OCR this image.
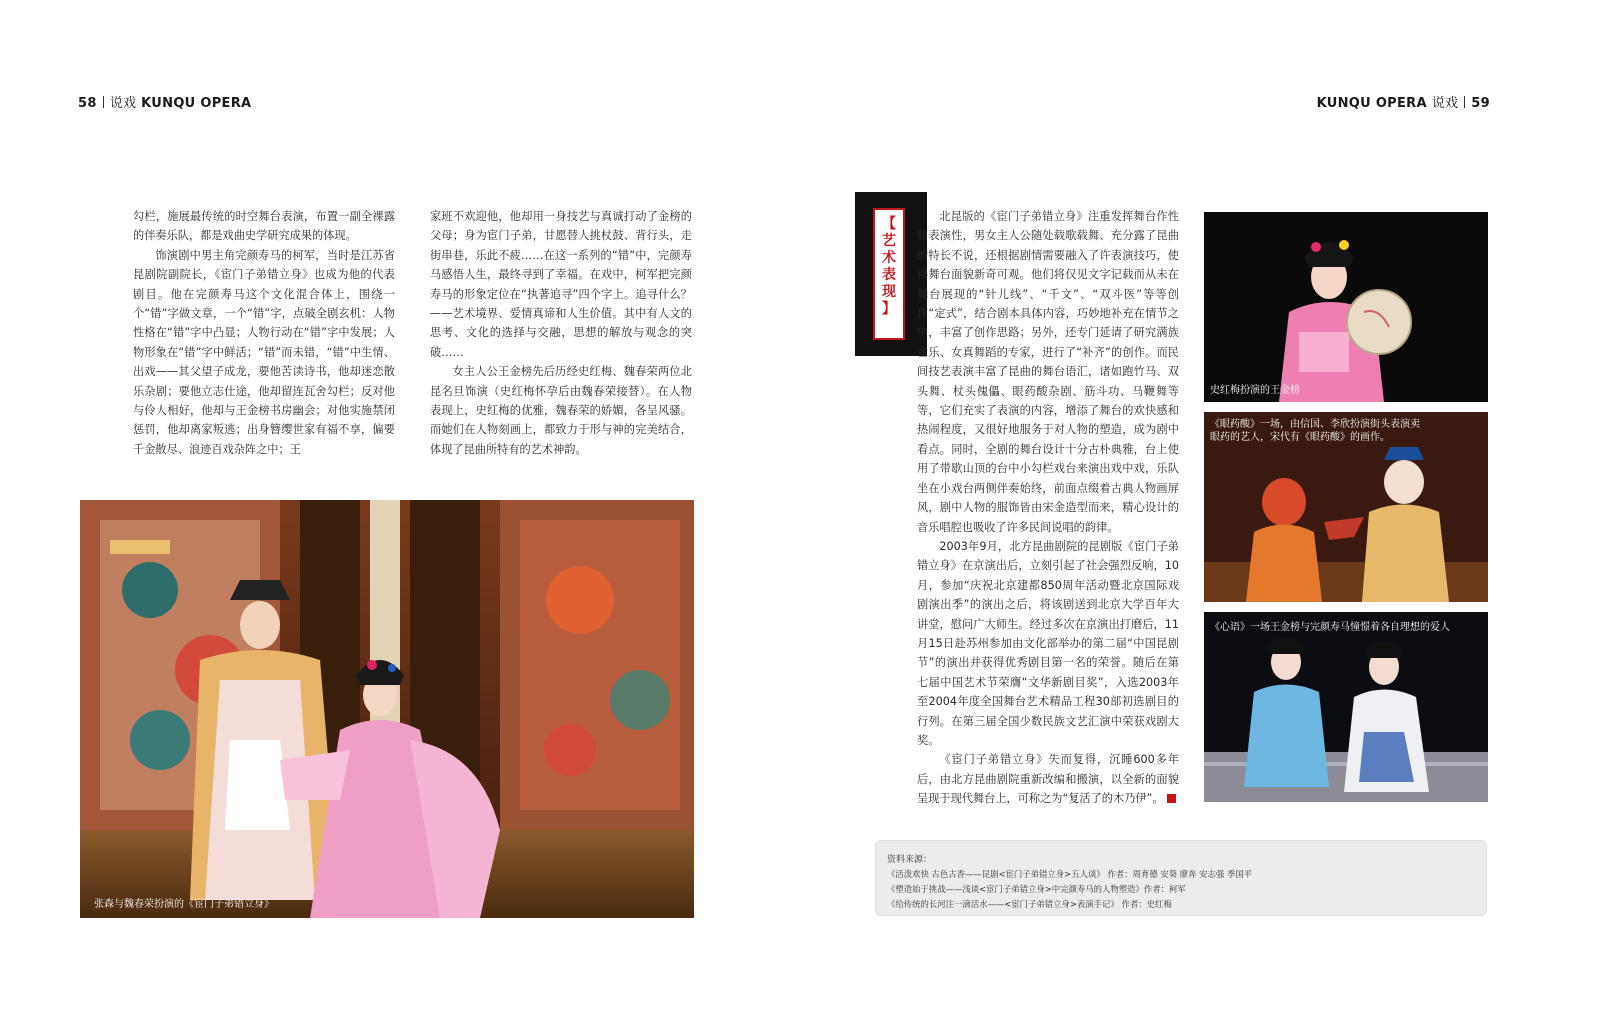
58 说戏 KUNQU OPERA

勾栏，施展最传统的时空舞台表演，布置一副全裸露的伴奏乐队，都是戏曲史学研究成果的体现。

饰演剧中男主角完颜寿马的柯军，当时是江苏省昆剧院副院长，《宦门子弟错立身》也成为他的代表剧目。他在完颜寿马这个文化混合体上，围绕一个“错”字做文章，一个“错”字，点破全剧玄机：人物性格在“错”字中凸显；人物行动在“错”字中发展；人物形象在“错”字中鲜活；“错”而未错，“错”中生情、出戏——其父望子成龙，要他苦读诗书，他却迷恋散乐杂剧；要他立志仕途，他却留连瓦舍勾栏；反对他与伶人相好，他却与王金榜书房幽会；对他实施禁闭惩罚，他却离家叛逃；出身簪缨世家有福不享，偏要千金散尽、浪迹百戏杂阵之中；王

家班不欢迎他，他却用一身技艺与真诚打动了金榜的父母；身为宦门子弟，甘愿替人挑杖鼓、背行头，走街串巷，乐此不疲……在这一系列的“错”中，完颜寿马感悟人生，最终寻到了幸福。在戏中，柯军把完颜寿马的形象定位在“执著追寻”四个字上。追寻什么？——艺术境界、爱情真谛和人生价值。其中有人文的思考、文化的选择与交融，思想的解放与观念的突破……

女主人公王金榜先后历经史红梅、魏春荣两位北昆名旦饰演（史红梅怀孕后由魏春荣接替）。在人物表现上，史红梅的优雅，魏春荣的娇媚，各呈风骚。而她们在人物刻画上，都致力于形与神的完美结合，体现了昆曲所特有的艺术神韵。

张森与魏春荣扮演的《宦门子弟错立身》
KUNQU OPERA 说戏 59
【
艺
术
表
现
】

北昆版的《宦门子弟错立身》注重发挥舞台作性和表演性，男女主人公随处载歌载舞、充分露了昆曲的特长不说，还根据剧情需要融入了许表演技巧，使得舞台面貌新奇可观。他们将仅见文字记载而从未在舞台展现的“针儿线”、“千文”、“双斗医”等等创作“定式”，结合剧本具体内容，巧妙地补充在情节之中，丰富了创作思路；另外，还专门延请了研究满族音乐、女真舞蹈的专家，进行了“补齐”的创作。而民间技艺表演丰富了昆曲的舞台语汇，诸如跑竹马、双头舞、杖头傀儡、眼药酸杂剧、筋斗功、马鞭舞等等，它们充实了表演的内容，增添了舞台的欢快感和热闹程度，又很好地服务于对人物的塑造，成为剧中看点。同时，全剧的舞台设计十分古朴典雅，台上使用了带歇山顶的台中小勾栏戏台来演出戏中戏，乐队坐在小戏台两侧伴奏始终，前面点缀着古典人物画屏风，剧中人物的服饰皆由宋金造型而来，精心设计的音乐唱腔也吸收了许多民间说唱的韵律。

2003年9月，北方昆曲剧院的昆剧版《宦门子弟错立身》在京演出后，立刻引起了社会强烈反响，10月，参加“庆祝北京建都850周年活动暨北京国际戏剧演出季”的演出之后，将该剧送到北京大学百年大讲堂，慰问广大师生。经过多次在京演出打磨后，11月15日赴苏州参加由文化部举办的第二届“中国昆剧节”的演出并获得优秀剧目第一名的荣誉。随后在第七届中国艺术节荣膺“文华新剧目奖”，入选2003年至2004年度全国舞台艺术精品工程30部初选剧目的行列。在第三届全国少数民族文艺汇演中荣获戏剧大奖。

《宦门子弟错立身》失而复得，沉睡600多年后，由北方昆曲剧院重新改编和搬演，以全新的面貌呈现于现代舞台上，可称之为“复活了的木乃伊”。

史红梅扮演的王金榜
《眼药酸》一场，由信国、李欣扮演街头表演卖
眼药的艺人，宋代有《眼药酸》的画作。
《心语》一场王金榜与完颜寿马憧憬着各自理想的爱人
资料来源：
《活泼欢快 古色古香——昆剧<宦门子弟错立身>五人谈》 作者：周育德 安葵 廖奔 安志强 季国平
《塑造始于挑战——浅谈<宦门子弟错立身>中完颜寿马的人物塑造》作者：柯军
《给传统的长河注一滴活水——<宦门子弟错立身>表演手记》 作者：史红梅
